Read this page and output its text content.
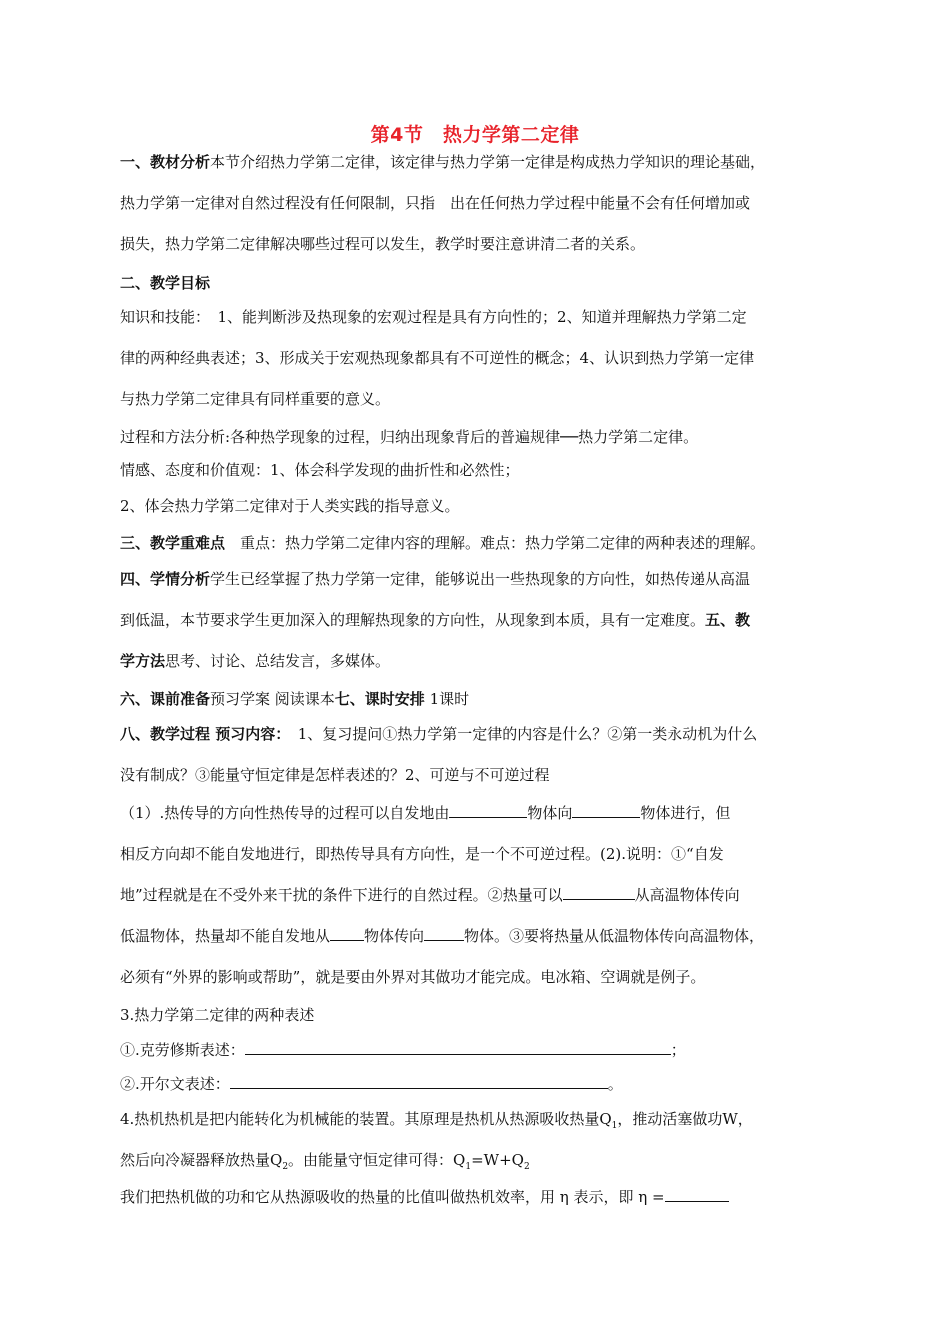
第4节　热力学第二定律
一、教材分析本节介绍热力学第二定律，该定律与热力学第一定律是构成热力学知识的理论基础，
热力学第一定律对自然过程没有任何限制，只指　出在任何热力学过程中能量不会有任何增加或
损失，热力学第二定律解决哪些过程可以发生，教学时要注意讲清二者的关系。
二、教学目标
知识和技能：　1、能判断涉及热现象的宏观过程是具有方向性的；2、知道并理解热力学第二定
律的两种经典表述；3、形成关于宏观热现象都具有不可逆性的概念；4、认识到热力学第一定律
与热力学第二定律具有同样重要的意义。
过程和方法分析:各种热学现象的过程，归纳出现象背后的普遍规律──热力学第二定律。
情感、态度和价值观：1、体会科学发现的曲折性和必然性；
2、体会热力学第二定律对于人类实践的指导意义。
三、教学重难点　重点：热力学第二定律内容的理解。难点：热力学第二定律的两种表述的理解。
四、学情分析学生已经掌握了热力学第一定律，能够说出一些热现象的方向性，如热传递从高温
到低温，本节要求学生更加深入的理解热现象的方向性，从现象到本质，具有一定难度。五、教
学方法思考、讨论、总结发言，多媒体。
六、课前准备预习学案 阅读课本七、课时安排 1课时
八、教学过程 预习内容：　1、复习提问①热力学第一定律的内容是什么？②第一类永动机为什么
没有制成？③能量守恒定律是怎样表述的？2、可逆与不可逆过程
（1）.热传导的方向性热传导的过程可以自发地由	物体向	物体进行，但
相反方向却不能自发地进行，即热传导具有方向性，是一个不可逆过程。(2).说明：①“自发
地”过程就是在不受外来干扰的条件下进行的自然过程。②热量可以	从高温物体传向
低温物体，热量却不能自发地从 物体传向	物体。③要将热量从低温物体传向高温物体，
必须有“外界的影响或帮助”，就是要由外界对其做功才能完成。电冰箱、空调就是例子。
3.热力学第二定律的两种表述
①.克劳修斯表述：	；
②.开尔文表述：	。
4.热机热机是把内能转化为机械能的装置。其原理是热机从热源吸收热量$Q_1$，推动活塞做功W，
然后向冷凝器释放热量$Q_2$。由能量守恒定律可得：$Q_1=W+Q_2$
我们把热机做的功和它从热源吸收的热量的比值叫做热机效率，用 η 表示，即 η =
